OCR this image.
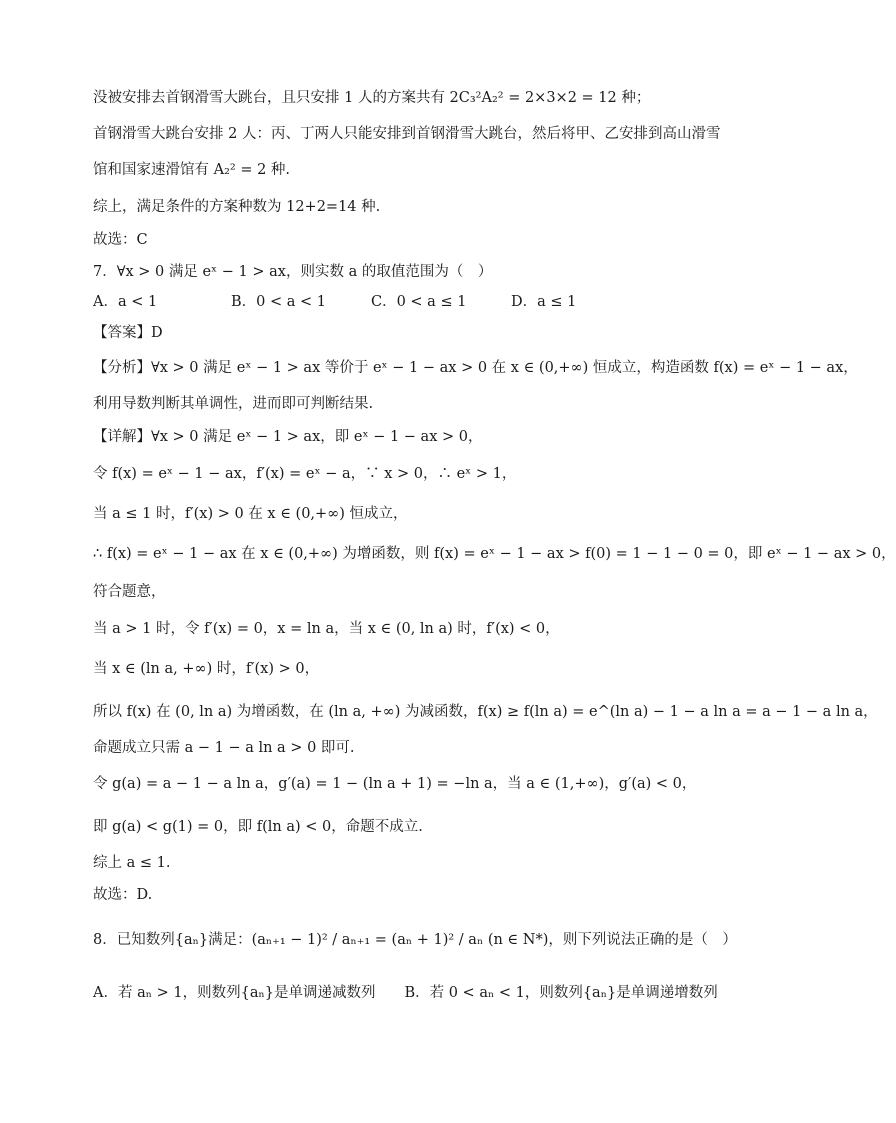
没被安排去首钢滑雪大跳台，且只安排 1 人的方案共有 2C₃²A₂² = 2×3×2 = 12 种；
首钢滑雪大跳台安排 2 人：丙、丁两人只能安排到首钢滑雪大跳台，然后将甲、乙安排到高山滑雪
馆和国家速滑馆有 A₂² = 2 种.
综上，满足条件的方案种数为 12+2=14 种.
故选：C
7．∀x > 0 满足 eˣ − 1 > ax，则实数 a 的取值范围为（　）
A．a < 1	B．0 < a < 1	C．0 < a ≤ 1	D．a ≤ 1
【答案】D
【分析】∀x > 0 满足 eˣ − 1 > ax 等价于 eˣ − 1 − ax > 0 在 x ∈ (0,+∞) 恒成立，构造函数 f(x) = eˣ − 1 − ax，
利用导数判断其单调性，进而即可判断结果.
【详解】∀x > 0 满足 eˣ − 1 > ax，即 eˣ − 1 − ax > 0，
令 f(x) = eˣ − 1 − ax，f′(x) = eˣ − a，∵ x > 0，∴ eˣ > 1，
当 a ≤ 1 时，f′(x) > 0 在 x ∈ (0,+∞) 恒成立，
∴ f(x) = eˣ − 1 − ax 在 x ∈ (0,+∞) 为增函数，则 f(x) = eˣ − 1 − ax > f(0) = 1 − 1 − 0 = 0，即 eˣ − 1 − ax > 0，
符合题意，
当 a > 1 时，令 f′(x) = 0，x = ln a，当 x ∈ (0, ln a) 时，f′(x) < 0，
当 x ∈ (ln a, +∞) 时，f′(x) > 0，
所以 f(x) 在 (0, ln a) 为增函数，在 (ln a, +∞) 为减函数，f(x) ≥ f(ln a) = e^(ln a) − 1 − a ln a = a − 1 − a ln a，
命题成立只需 a − 1 − a ln a > 0 即可.
令 g(a) = a − 1 − a ln a，g′(a) = 1 − (ln a + 1) = −ln a，当 a ∈ (1,+∞)，g′(a) < 0，
即 g(a) < g(1) = 0，即 f(ln a) < 0，命题不成立.
综上 a ≤ 1.
故选：D.
8．已知数列{aₙ}满足：(aₙ₊₁ − 1)² / aₙ₊₁ = (aₙ + 1)² / aₙ (n ∈ N*)，则下列说法正确的是（　）
A．若 aₙ > 1，则数列{aₙ}是单调递减数列　　B．若 0 < aₙ < 1，则数列{aₙ}是单调递增数列
